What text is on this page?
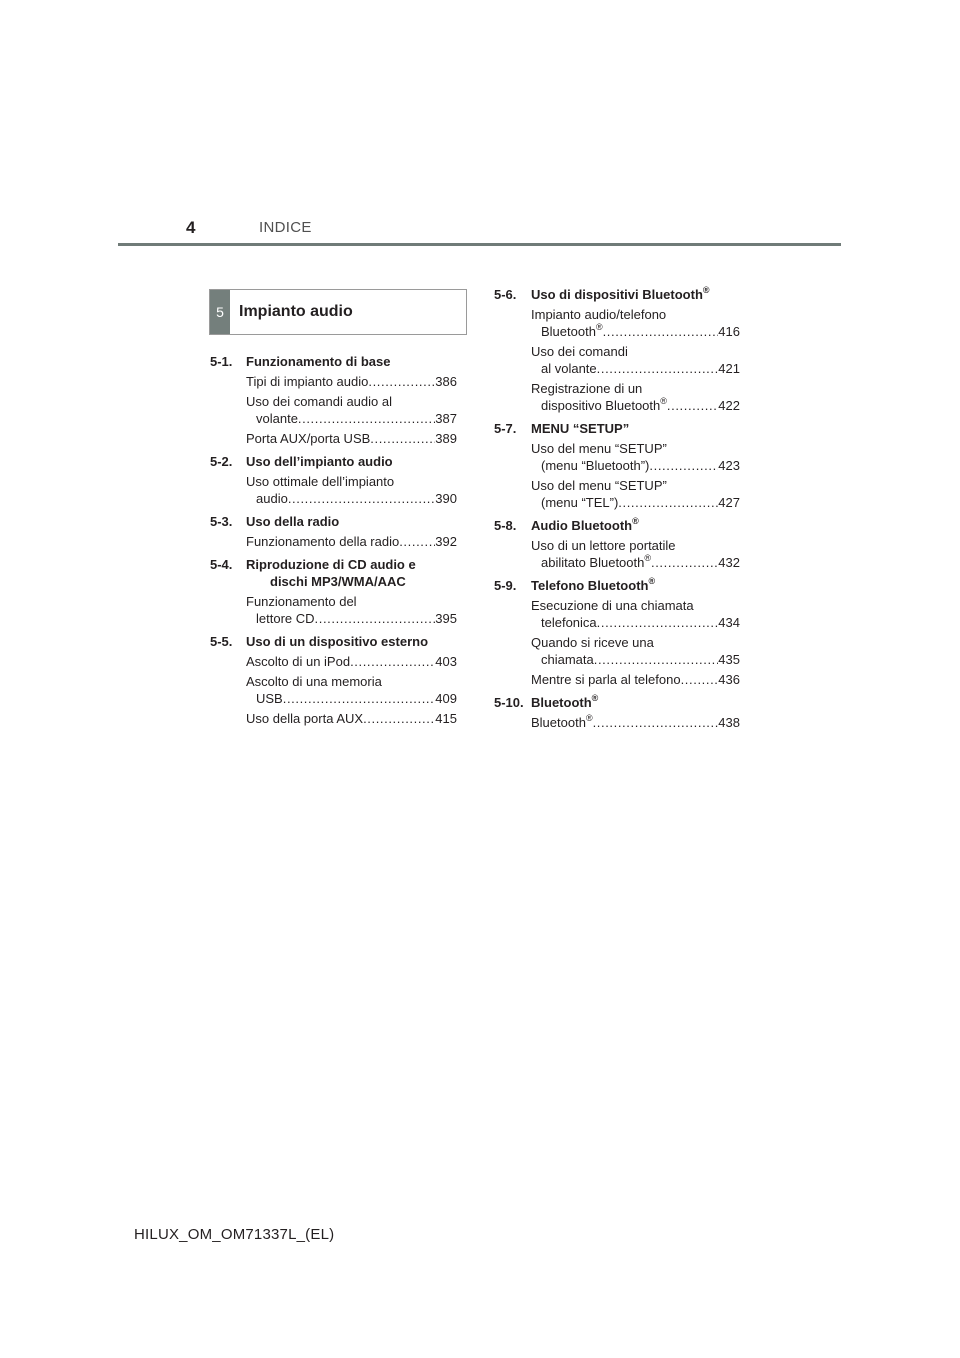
4	INDICE
5 Impianto audio
5-1.	Funzionamento di base
Tipi di impianto audio .....	386
Uso dei comandi audio al
volante .....	387
Porta AUX/porta USB .....	389
5-2.	Uso dell’impianto audio
Uso ottimale dell’impianto
audio .....	390
5-3.	Uso della radio
Funzionamento della radio .....	392
5-4.	Riproduzione di CD audio e
dischi MP3/WMA/AAC
Funzionamento del
lettore CD .....	395
5-5.	Uso di un dispositivo esterno
Ascolto di un iPod .....	403
Ascolto di una memoria
USB .....	409
Uso della porta AUX .....	415
5-6.	Uso di dispositivi Bluetooth®
Impianto audio/telefono
Bluetooth® .....	416
Uso dei comandi
al volante .....	421
Registrazione di un
dispositivo Bluetooth® .....	422
5-7.	MENU “SETUP”
Uso del menu “SETUP”
(menu “Bluetooth”) .....	423
Uso del menu “SETUP”
(menu “TEL”) .....	427
5-8.	Audio Bluetooth®
Uso di un lettore portatile
abilitato Bluetooth® .....	432
5-9.	Telefono Bluetooth®
Esecuzione di una chiamata
telefonica .....	434
Quando si riceve una
chiamata .....	435
Mentre si parla al telefono .....	436
5-10. Bluetooth®
Bluetooth® .....	438
HILUX_OM_OM71337L_(EL)
